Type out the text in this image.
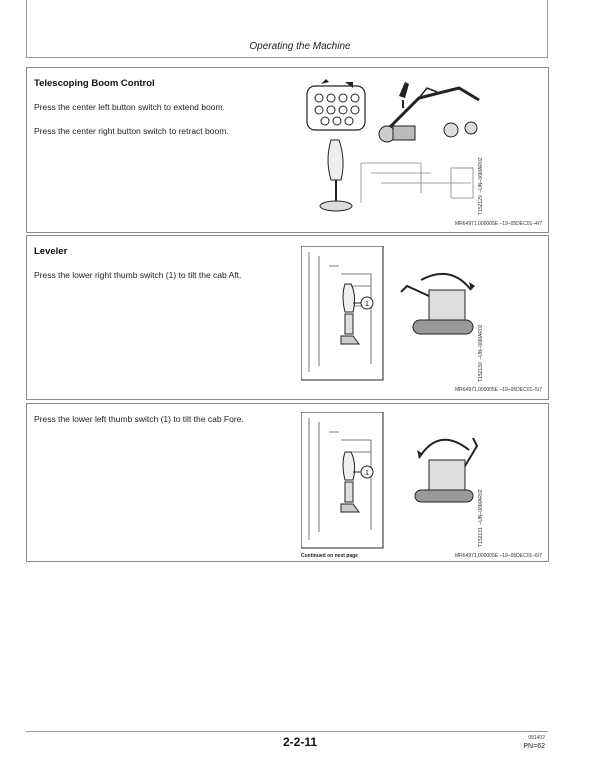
Operating the Machine
Telescoping Boom Control
Press the center left button switch to extend boom.
Press the center right button switch to retract boom.
T152129  –UN–06MAR02
MR64971,000005E –19–05DEC01–4/7
Leveler
Press the lower right thumb switch (1) to tilt the cab Aft.
1
T152130  –UN–06MAR02
MR64971,000005E –19–05DEC01–5/7
Press the lower left thumb switch (1) to tilt the cab Fore.
1
T152131  –UN–06MAR02
Continued on next page	MR64971,000005E –19–05DEC01–6/7
2-2-11	081402
PN=62
